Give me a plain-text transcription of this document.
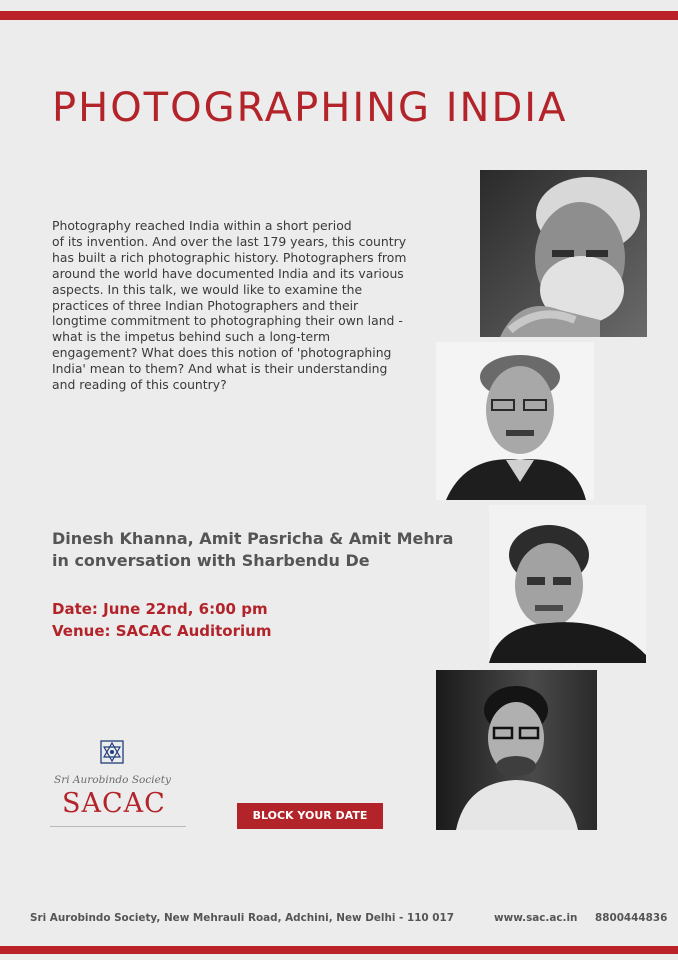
PHOTOGRAPHING INDIA

Photography reached India within a short period
of its invention. And over the last 179 years, this country
has built a rich photographic history. Photographers from
around the world have documented India and its various
aspects. In this talk, we would like to examine the
practices of three Indian Photographers and their
longtime commitment to photographing their own land -
what is the impetus behind such a long-term
engagement? What does this notion of 'photographing
India' mean to them? And what is their understanding
and reading of this country?

Dinesh Khanna, Amit Pasricha & Amit Mehra
in conversation with Sharbendu De
Date: June 22nd, 6:00 pm
Venue: SACAC Auditorium
Sri Aurobindo Society
SACAC	BLOCK YOUR DATE
Sri Aurobindo Society, New Mehrauli Road, Adchini, New Delhi - 110 017	www.sac.ac.in 8800444836
